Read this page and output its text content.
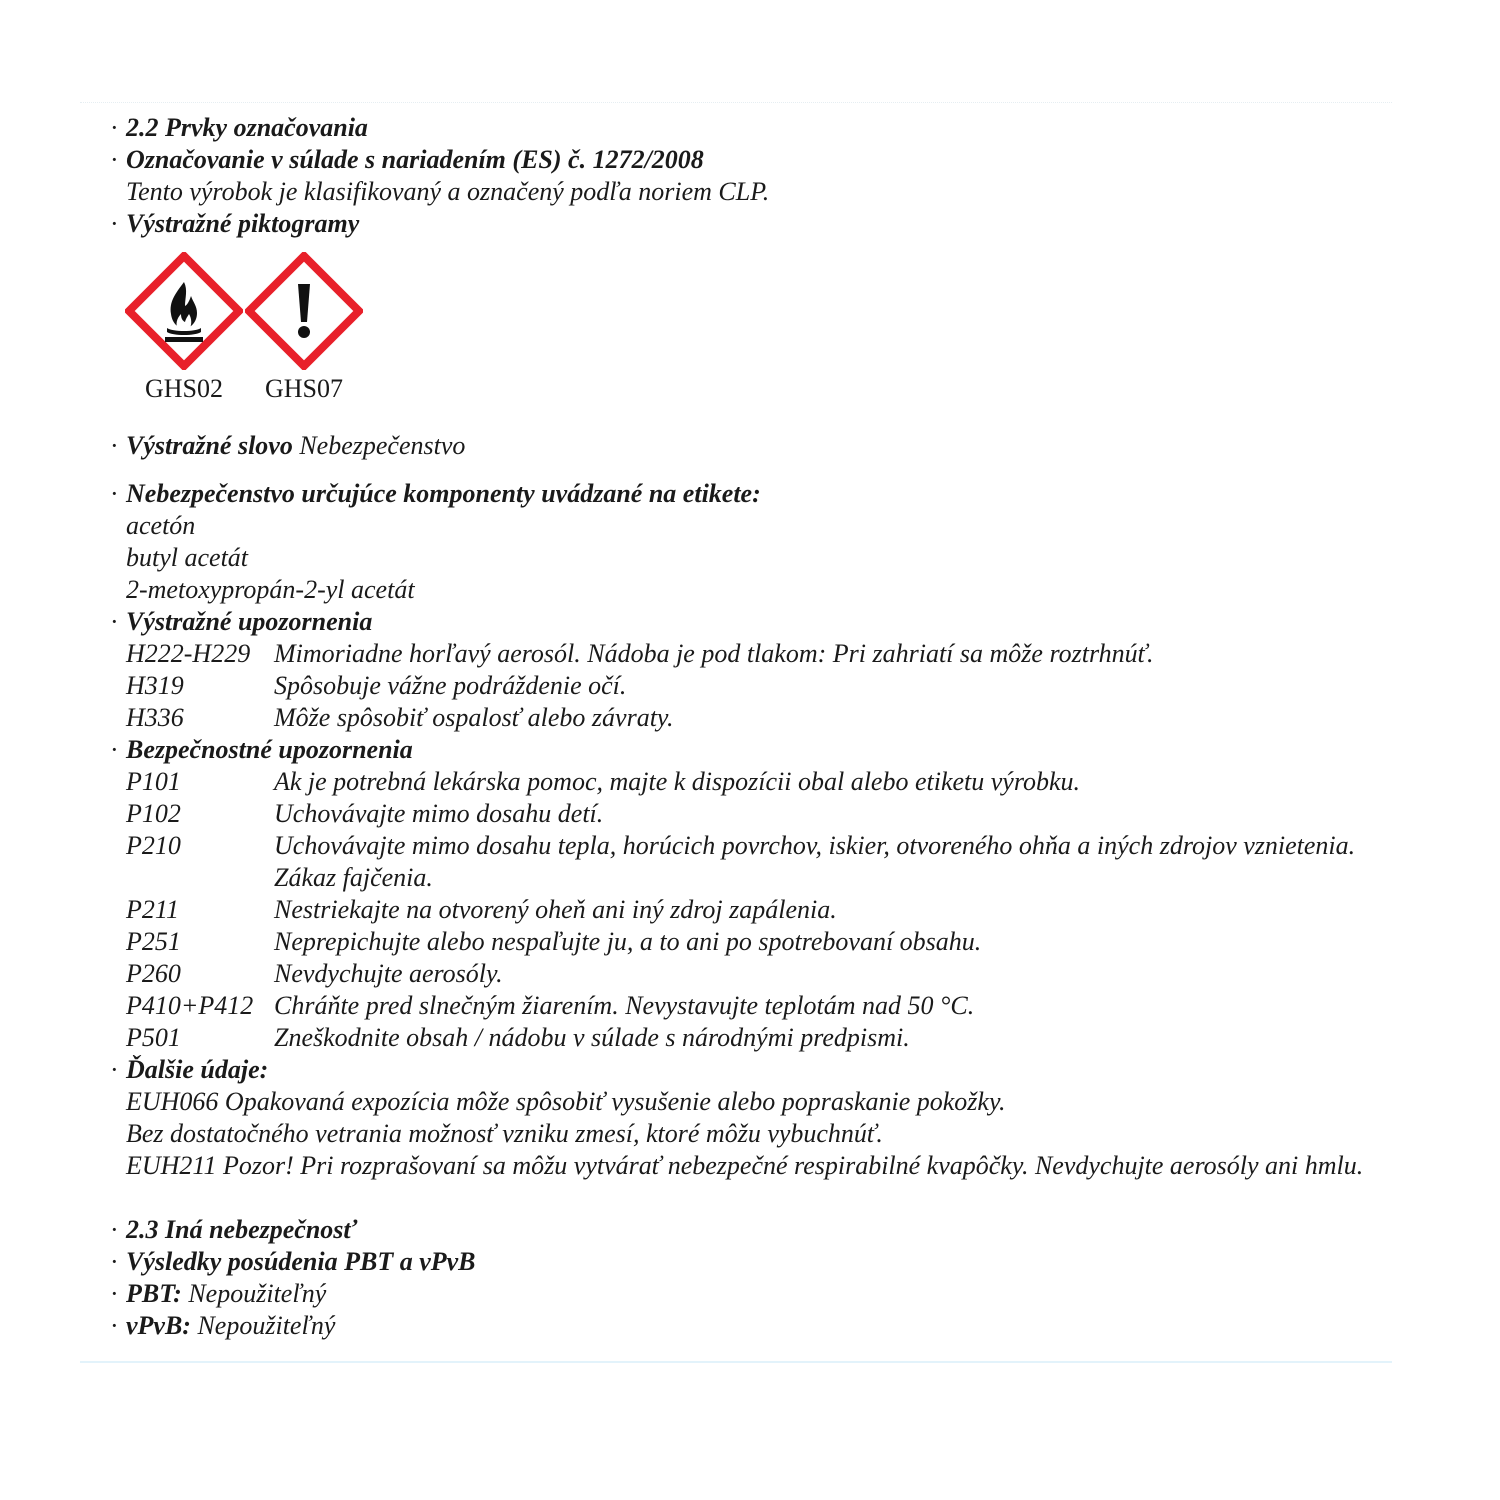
· 2.2 Prvky označovania
· Označovanie v súlade s nariadením (ES) č. 1272/2008
Tento výrobok je klasifikovaný a označený podľa noriem CLP.
· Výstražné piktogramy
GHS02	GHS07
· Výstražné slovo Nebezpečenstvo
· Nebezpečenstvo určujúce komponenty uvádzané na etikete:
acetón
butyl acetát
2-metoxypropán-2-yl acetát
· Výstražné upozornenia
H222-H229 Mimoriadne horľavý aerosól. Nádoba je pod tlakom: Pri zahriatí sa môže roztrhnúť.
H319	Spôsobuje vážne podráždenie očí.
H336	Môže spôsobiť ospalosť alebo závraty.
· Bezpečnostné upozornenia
P101	Ak je potrebná lekárska pomoc, majte k dispozícii obal alebo etiketu výrobku.
P102	Uchovávajte mimo dosahu detí.
P210	Uchovávajte mimo dosahu tepla, horúcich povrchov, iskier, otvoreného ohňa a iných zdrojov vznietenia. Zákaz fajčenia.
P211	Nestriekajte na otvorený oheň ani iný zdroj zapálenia.
P251	Neprepichujte alebo nespaľujte ju, a to ani po spotrebovaní obsahu.
P260	Nevdychujte aerosóly.
P410+P412 Chráňte pred slnečným žiarením. Nevystavujte teplotám nad 50 °C.
P501	Zneškodnite obsah / nádobu v súlade s národnými predpismi.
· Ďalšie údaje:
EUH066 Opakovaná expozícia môže spôsobiť vysušenie alebo popraskanie pokožky.
Bez dostatočného vetrania možnosť vzniku zmesí, ktoré môžu vybuchnúť.
EUH211 Pozor! Pri rozprašovaní sa môžu vytvárať nebezpečné respirabilné kvapôčky. Nevdychujte aerosóly ani hmlu.
· 2.3 Iná nebezpečnosť
· Výsledky posúdenia PBT a vPvB
· PBT: Nepoužiteľný
· vPvB: Nepoužiteľný
